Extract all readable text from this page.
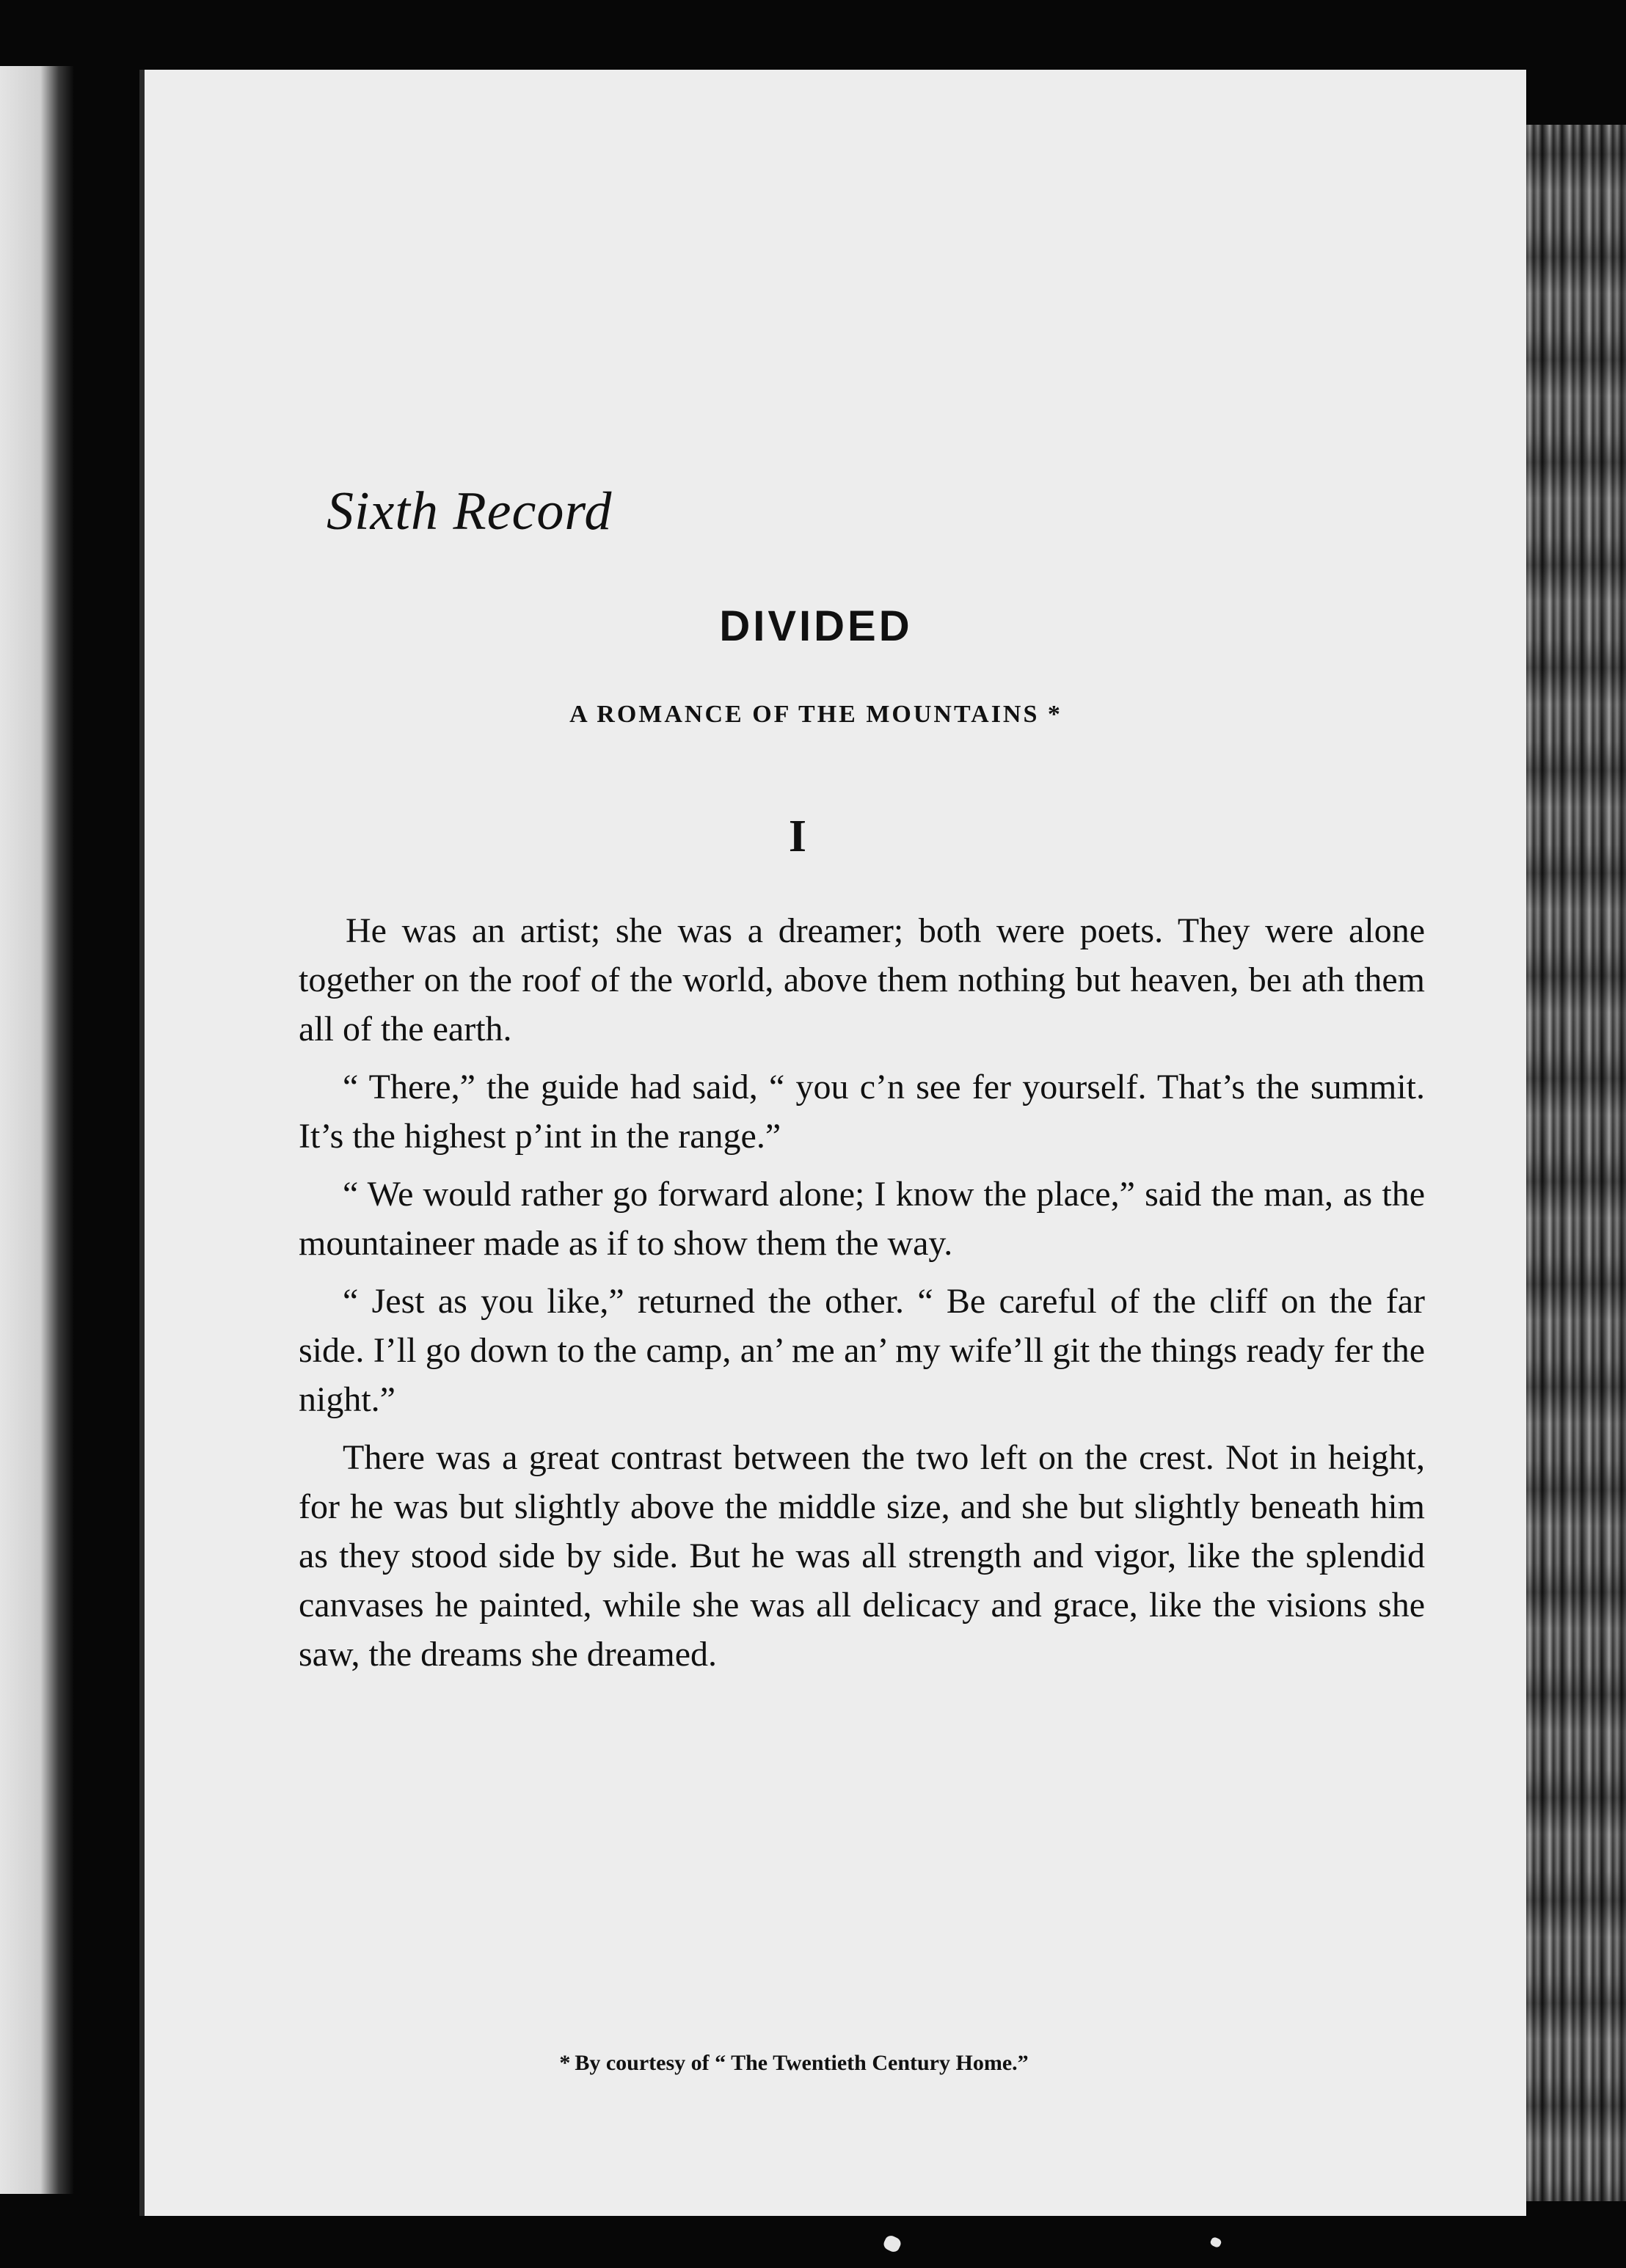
Sixth Record
DIVIDED
A ROMANCE OF THE MOUNTAINS *
I

He was an artist; she was a dreamer; both were poets. They were alone together on the roof of the world, above them nothing but heaven, beı ath them all of the earth.

“ There,” the guide had said, “ you c’n see fer yourself. That’s the summit. It’s the highest p’int in the range.”

“ We would rather go forward alone; I know the place,” said the man, as the mountaineer made as if to show them the way.

“ Jest as you like,” returned the other. “ Be careful of the cliff on the far side. I’ll go down to the camp, an’ me an’ my wife’ll git the things ready fer the night.”

There was a great contrast between the two left on the crest. Not in height, for he was but slightly above the middle size, and she but slightly beneath him as they stood side by side. But he was all strength and vigor, like the splendid canvases he painted, while she was all delicacy and grace, like the visions she saw, the dreams she dreamed.

* By courtesy of “ The Twentieth Century Home.”
